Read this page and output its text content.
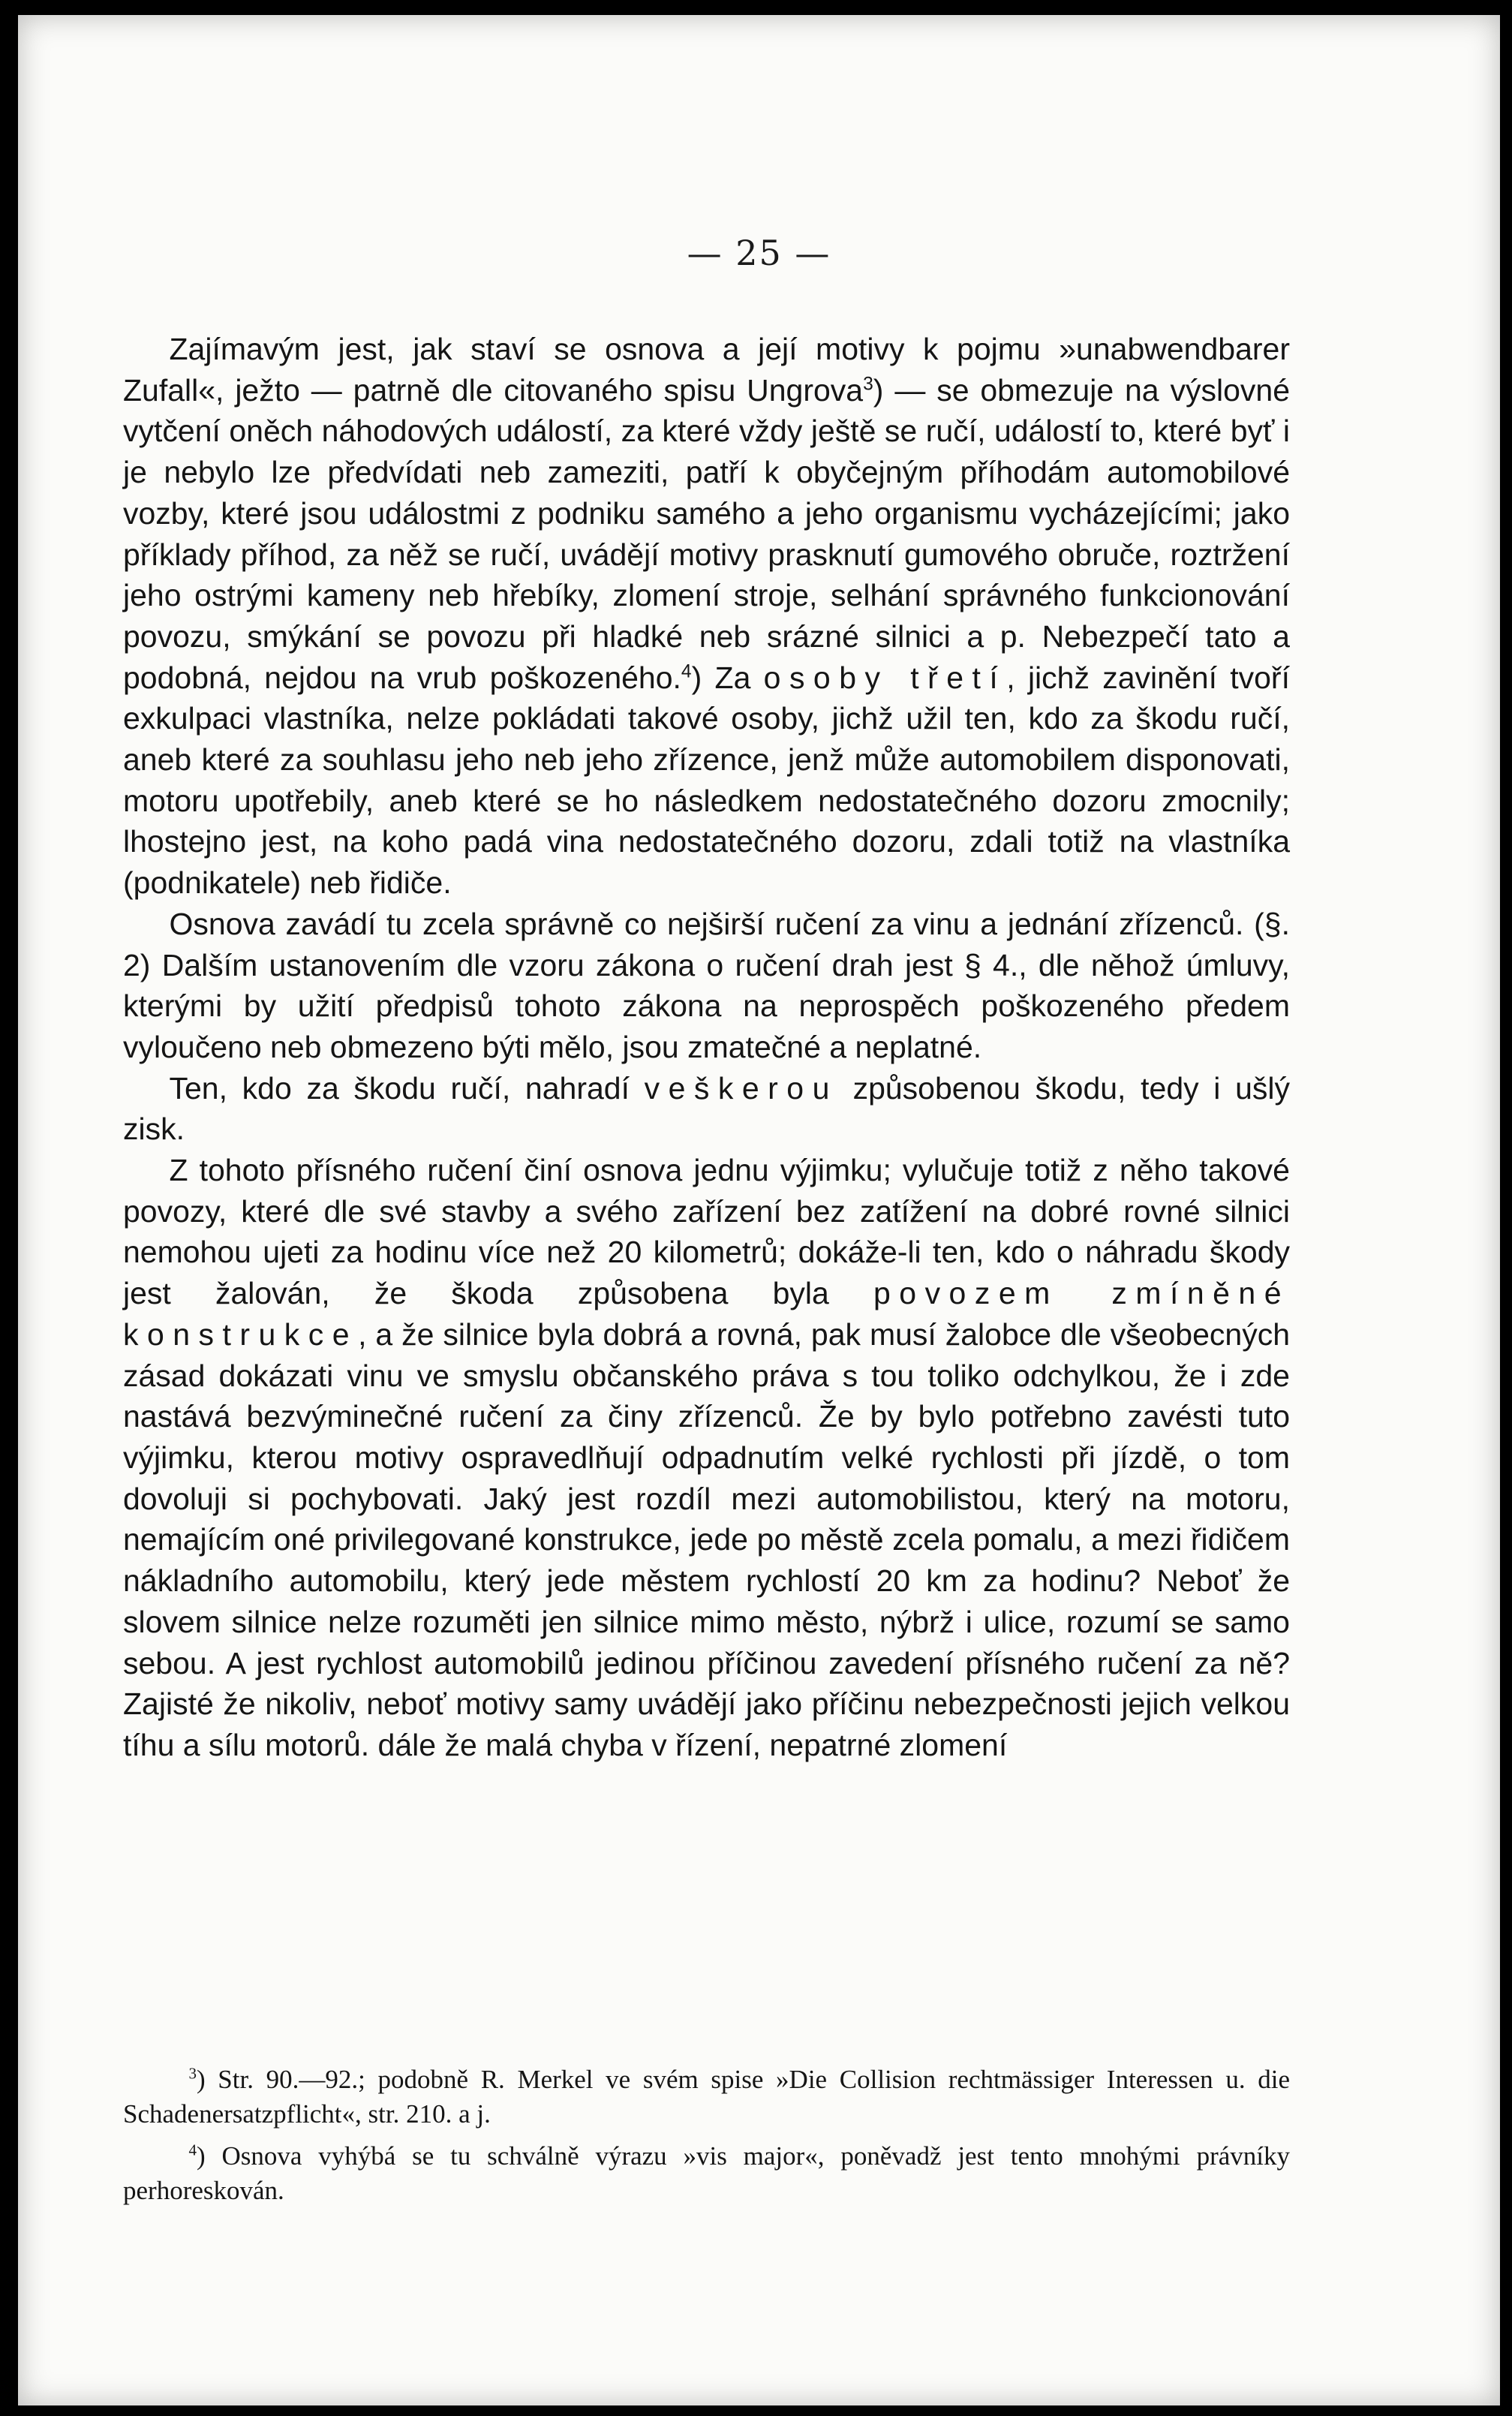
— 25 —

Zajímavým jest, jak staví se osnova a její motivy k pojmu »unabwendbarer Zufall«, ježto — patrně dle citovaného spisu Ungrova$^3$) — se obmezuje na výslovné vytčení oněch náhodových událostí, za které vždy ještě se ručí, událostí to, které byť i je nebylo lze předvídati neb zameziti, patří k obyčejným příhodám automobilové vozby, které jsou událostmi z podniku samého a jeho organismu vycházejícími; jako příklady příhod, za něž se ručí, uvádějí motivy prasknutí gumového obruče, roztržení jeho ostrými kameny neb hřebíky, zlomení stroje, selhání správného funkcionování povozu, smýkání se povozu při hladké neb srázné silnici a p. Nebezpečí tato a podobná, nejdou na vrub poškozeného.$^4$) Za osoby třetí, jichž zavinění tvoří exkulpaci vlastníka, nelze pokládati takové osoby, jichž užil ten, kdo za škodu ručí, aneb které za souhlasu jeho neb jeho zřízence, jenž může automobilem disponovati, motoru upotřebily, aneb které se ho následkem nedostatečného dozoru zmocnily; lhostejno jest, na koho padá vina nedostatečného dozoru, zdali totiž na vlastníka (podnikatele) neb řidiče.

Osnova zavádí tu zcela správně co nejširší ručení za vinu a jednání zřízenců. (§. 2) Dalším ustanovením dle vzoru zákona o ručení drah jest § 4., dle něhož úmluvy, kterými by užití předpisů tohoto zákona na neprospěch poškozeného předem vyloučeno neb obmezeno býti mělo, jsou zmatečné a neplatné.

Ten, kdo za škodu ručí, nahradí veškerou způsobenou škodu, tedy i ušlý zisk.

Z tohoto přísného ručení činí osnova jednu výjimku; vylučuje totiž z něho takové povozy, které dle své stavby a svého zařízení bez zatížení na dobré rovné silnici nemohou ujeti za hodinu více než 20 kilometrů; dokáže-li ten, kdo o náhradu škody jest žalován, že škoda způsobena byla povozem zmíněné konstrukce, a že silnice byla dobrá a rovná, pak musí žalobce dle všeobecných zásad dokázati vinu ve smyslu občanského práva s tou toliko odchylkou, že i zde nastává bezvýminečné ručení za činy zřízenců. Že by bylo potřebno zavésti tuto výjimku, kterou motivy ospravedlňují odpadnutím velké rychlosti při jízdě, o tom dovoluji si pochybovati. Jaký jest rozdíl mezi automobilistou, který na motoru, nemajícím oné privilegované konstrukce, jede po městě zcela pomalu, a mezi řidičem nákladního automobilu, který jede městem rychlostí 20 km za hodinu? Neboť že slovem silnice nelze rozuměti jen silnice mimo město, nýbrž i ulice, rozumí se samo sebou. A jest rychlost automobilů jedinou příčinou zavedení přísného ručení za ně? Zajisté že nikoliv, neboť motivy samy uvádějí jako příčinu nebezpečnosti jejich velkou tíhu a sílu motorů. dále že malá chyba v řízení, nepatrné zlomení

$^3$) Str. 90.—92.; podobně R. Merkel ve svém spise »Die Collision rechtmässiger Interessen u. die Schadenersatzpflicht«, str. 210. a j.

$^4$) Osnova vyhýbá se tu schválně výrazu »vis major«, poněvadž jest tento mnohými právníky perhoreskován.
